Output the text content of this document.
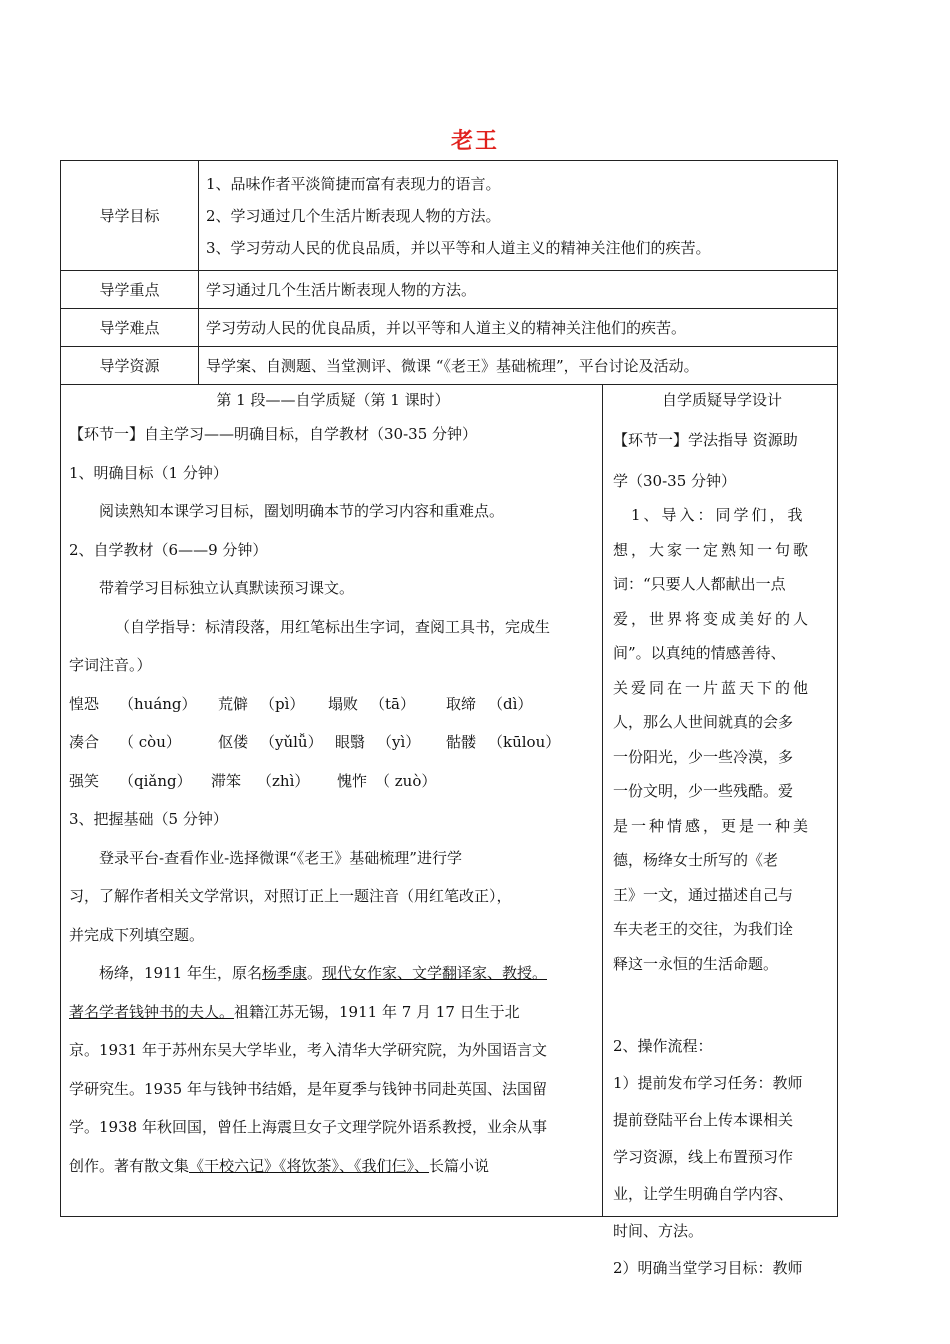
老王
导学目标	1、品味作者平淡简捷而富有表现力的语言。
2、学习通过几个生活片断表现人物的方法。
3、学习劳动人民的优良品质，并以平等和人道主义的精神关注他们的疾苦。

导学重点	学习通过几个生活片断表现人物的方法。
导学难点	学习劳动人民的优良品质，并以平等和人道主义的精神关注他们的疾苦。
导学资源	导学案、自测题、当堂测评、微课 “《老王》基础梳理”，平台讨论及活动。
第 1 段——自学质疑（第 1 课时）
【环节一】自主学习——明确目标，自学教材（30-35 分钟）
1、明确目标（1 分钟）
阅读熟知本课学习目标，圈划明确本节的学习内容和重难点。
2、自学教材（6——9 分钟）
带着学习目标独立认真默读预习课文。
（自学指导：标清段落，用红笔标出生字词，查阅工具书，完成生
字词注音。）
惶恐 （huáng） 荒僻 （pì） 塌败 （tā） 取缔 （dì）
凑合 （ còu） 伛偻 （yǔlǚ） 眼翳 （yì） 骷髅 （kūlou）
强笑 （qiǎng） 滞笨 （zhì） 愧怍 （ zuò）
3、把握基础（5 分钟）
登录平台-查看作业-选择微课“《老王》基础梳理”进行学
习，了解作者相关文学常识，对照订正上一题注音（用红笔改正），
并完成下列填空题。
杨绛，1911 年生，原名杨季康。现代女作家、文学翻译家、教授。
著名学者钱钟书的夫人。祖籍江苏无锡，1911 年 7 月 17 日生于北
京。1931 年于苏州东吴大学毕业，考入清华大学研究院，为外国语言文
学研究生。1935 年与钱钟书结婚，是年夏季与钱钟书同赴英国、法国留
学。1938 年秋回国，曾任上海震旦女子文理学院外语系教授，业余从事
创作。著有散文集《干校六记》《将饮茶》、《我们仨》、长篇小说
自学质疑导学设计
【环节一】学法指导 资源助
学（30-35 分钟）
　1、导入：同学们，我
想，大家一定熟知一句歌
词：“只要人人都献出一点
爱，世界将变成美好的人
间”。以真纯的情感善待、
关爱同在一片蓝天下的他
人，那么人世间就真的会多
一份阳光，少一些冷漠，多
一份文明，少一些残酷。爱
是一种情感，更是一种美
德，杨绛女士所写的《老
王》一文，通过描述自己与
车夫老王的交往，为我们诠
释这一永恒的生活命题。
2、操作流程：
1）提前发布学习任务：教师
提前登陆平台上传本课相关
学习资源，线上布置预习作
业，让学生明确自学内容、
时间、方法。
2）明确当堂学习目标：教师
